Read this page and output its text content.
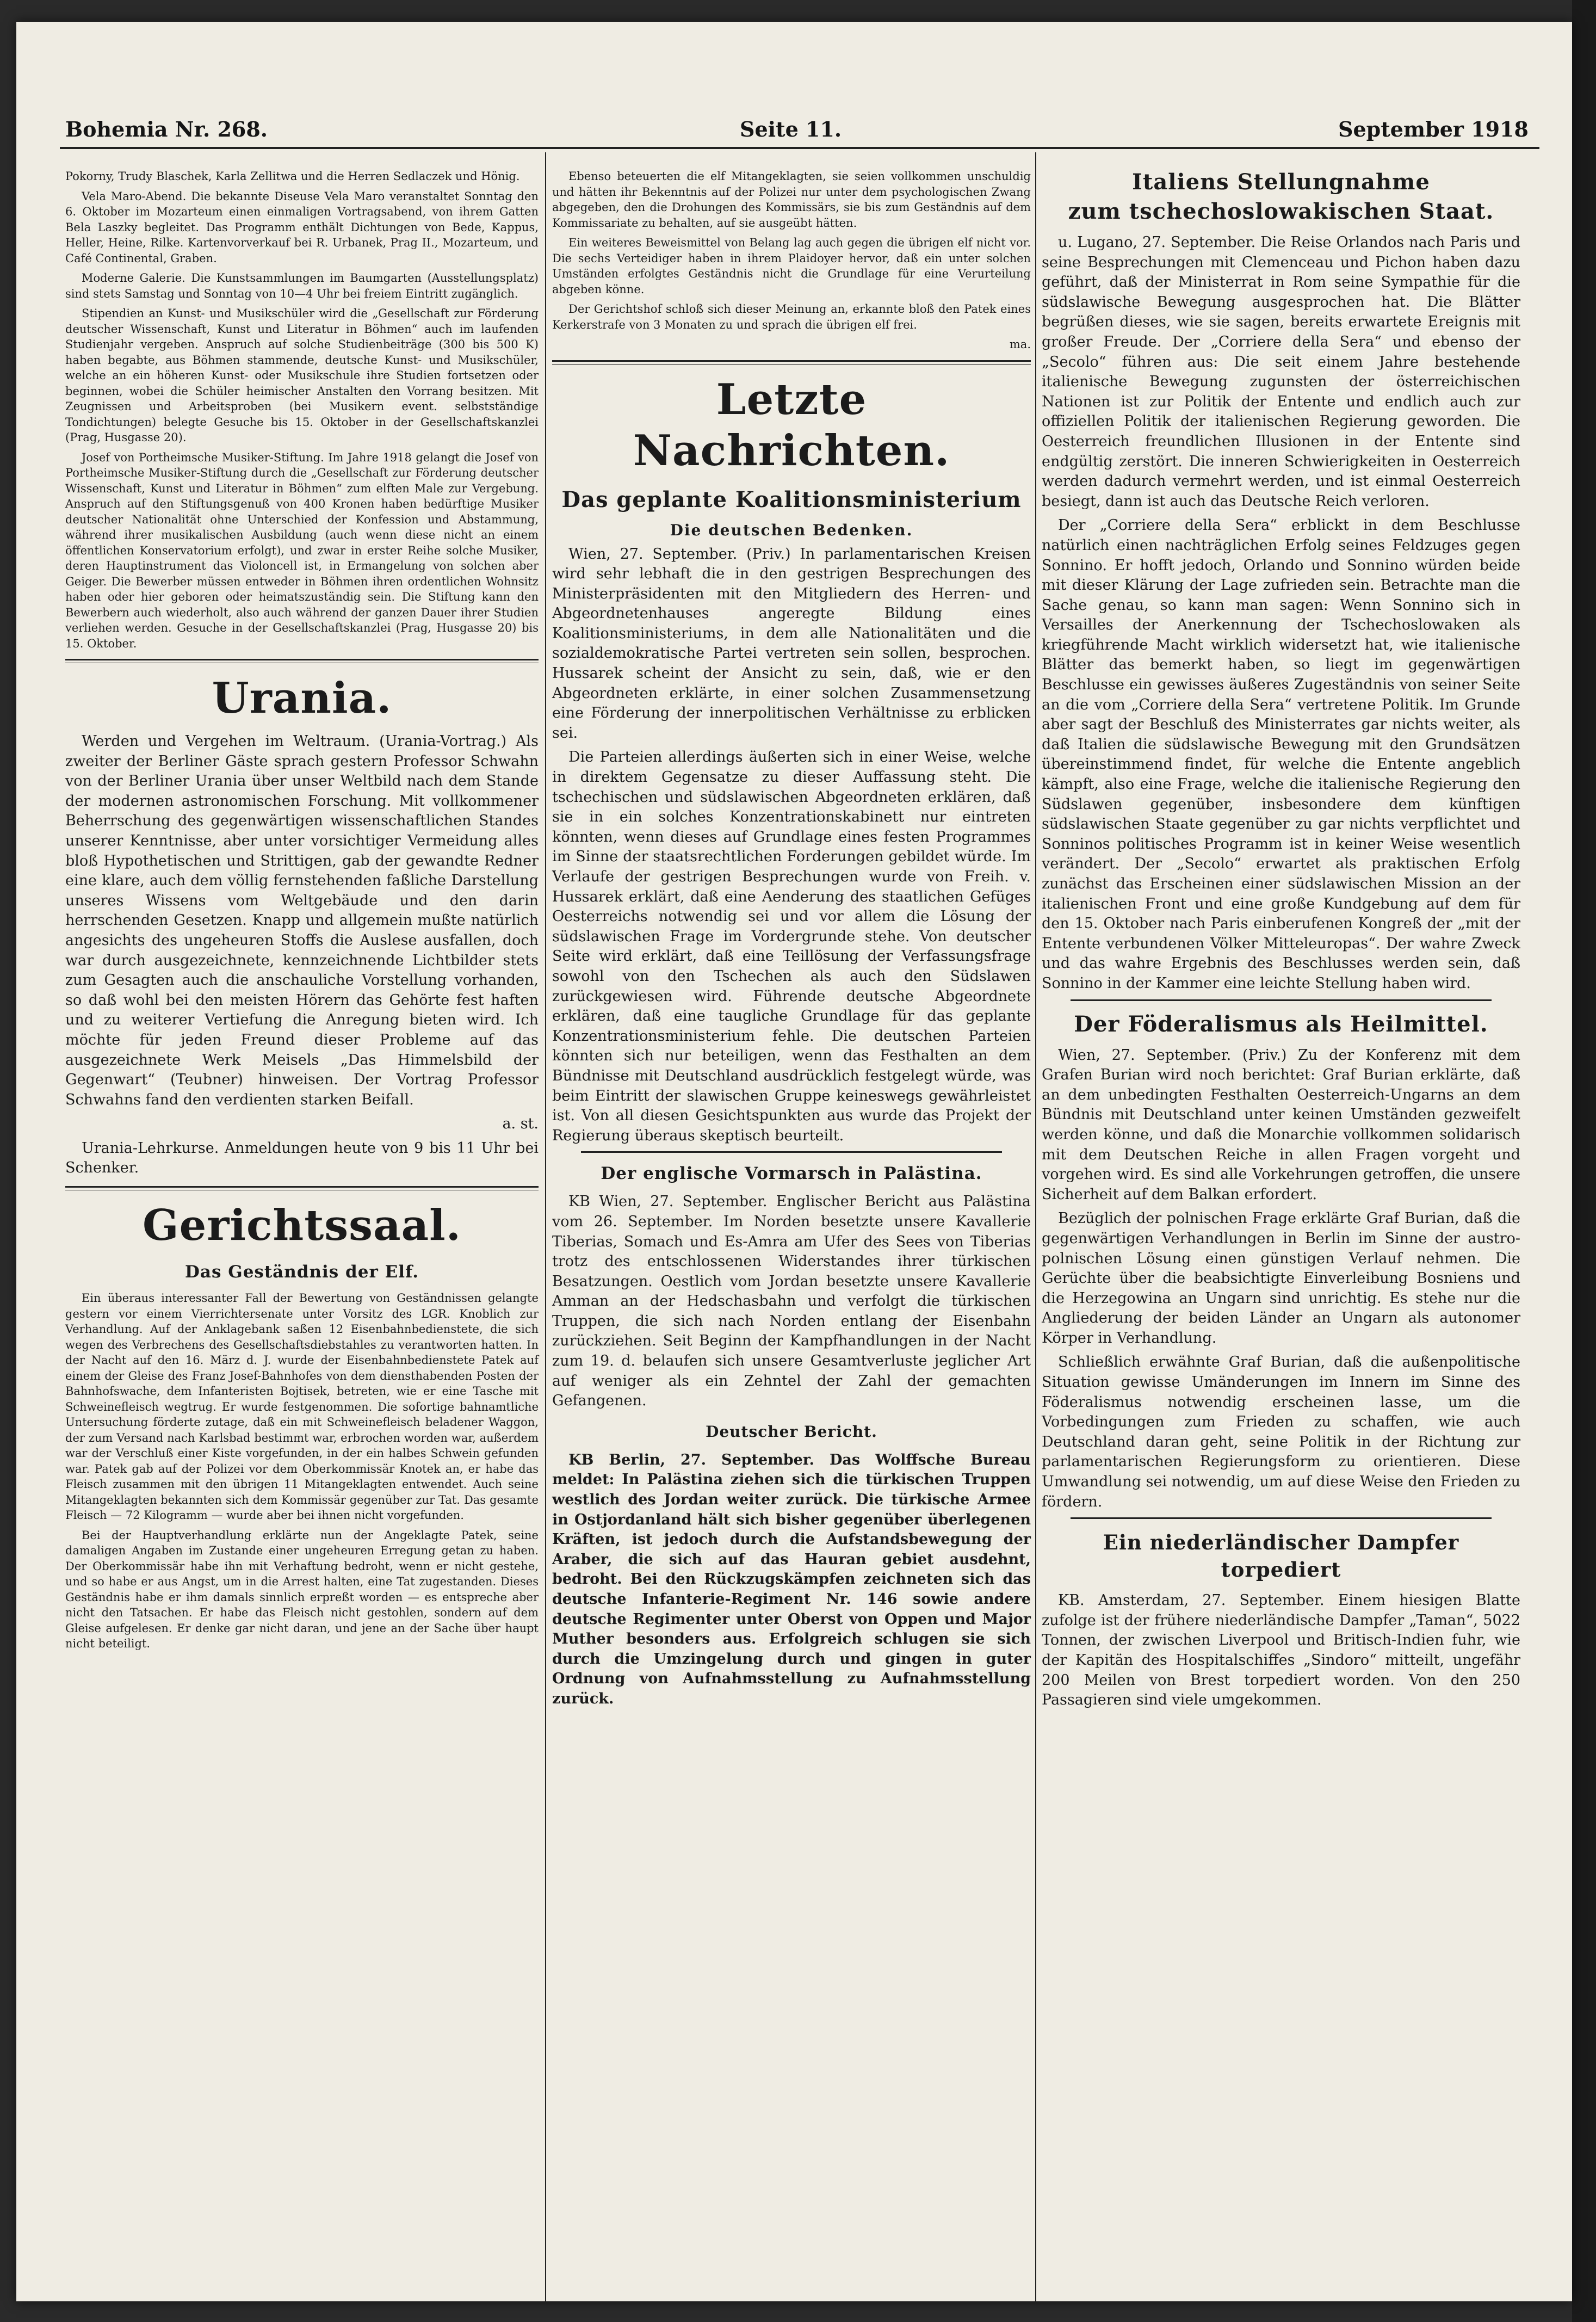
Bohemia Nr. 268.	Seite 11.	September 1918

Pokorny, Trudy Blaschek, Karla Zellitwa und die Herren Sedlaczek und Hönig.

Vela Maro-Abend. Die bekannte Diseuse Vela Maro veranstaltet Sonntag den 6. Oktober im Mozarteum einen einmaligen Vortragsabend, von ihrem Gatten Bela Laszky begleitet. Das Programm enthält Dichtungen von Bede, Kappus, Heller, Heine, Rilke. Kartenvorverkauf bei R. Urbanek, Prag II., Mozarteum, und Café Continental, Graben.

Moderne Galerie. Die Kunstsammlungen im Baumgarten (Ausstellungsplatz) sind stets Samstag und Sonntag von 10—4 Uhr bei freiem Eintritt zugänglich.

Stipendien an Kunst- und Musikschüler wird die „Gesellschaft zur Förderung deutscher Wissenschaft, Kunst und Literatur in Böhmen“ auch im laufenden Studienjahr vergeben. Anspruch auf solche Studienbeiträge (300 bis 500 K) haben begabte, aus Böhmen stammende, deutsche Kunst- und Musikschüler, welche an ein höheren Kunst- oder Musikschule ihre Studien fortsetzen oder beginnen, wobei die Schüler heimischer Anstalten den Vorrang besitzen. Mit Zeugnissen und Arbeitsproben (bei Musikern event. selbstständige Tondichtungen) belegte Gesuche bis 15. Oktober in der Gesellschaftskanzlei (Prag, Husgasse 20).

Josef von Portheimsche Musiker-Stiftung. Im Jahre 1918 gelangt die Josef von Portheimsche Musiker-Stiftung durch die „Gesellschaft zur Förderung deutscher Wissenschaft, Kunst und Literatur in Böhmen“ zum elften Male zur Vergebung. Anspruch auf den Stiftungsgenuß von 400 Kronen haben bedürftige Musiker deutscher Nationalität ohne Unterschied der Konfession und Abstammung, während ihrer musikalischen Ausbildung (auch wenn diese nicht an einem öffentlichen Konservatorium erfolgt), und zwar in erster Reihe solche Musiker, deren Hauptinstrument das Violoncell ist, in Ermangelung von solchen aber Geiger. Die Bewerber müssen entweder in Böhmen ihren ordentlichen Wohnsitz haben oder hier geboren oder heimatszuständig sein. Die Stiftung kann den Bewerbern auch wiederholt, also auch während der ganzen Dauer ihrer Studien verliehen werden. Gesuche in der Gesellschaftskanzlei (Prag, Husgasse 20) bis 15. Oktober.

Urania.

Werden und Vergehen im Weltraum. (Urania-Vortrag.) Als zweiter der Berliner Gäste sprach gestern Professor Schwahn von der Berliner Urania über unser Weltbild nach dem Stande der modernen astronomischen Forschung. Mit vollkommener Beherrschung des gegenwärtigen wissenschaftlichen Standes unserer Kenntnisse, aber unter vorsichtiger Vermeidung alles bloß Hypothetischen und Strittigen, gab der gewandte Redner eine klare, auch dem völlig fernstehenden faßliche Darstellung unseres Wissens vom Weltgebäude und den darin herrschenden Gesetzen. Knapp und allgemein mußte natürlich angesichts des ungeheuren Stoffs die Auslese ausfallen, doch war durch ausgezeichnete, kennzeichnende Lichtbilder stets zum Gesagten auch die anschauliche Vorstellung vorhanden, so daß wohl bei den meisten Hörern das Gehörte fest haften und zu weiterer Vertiefung die Anregung bieten wird. Ich möchte für jeden Freund dieser Probleme auf das ausgezeichnete Werk Meisels „Das Himmelsbild der Gegenwart“ (Teubner) hinweisen. Der Vortrag Professor Schwahns fand den verdienten starken Beifall.

a. st.

Urania-Lehrkurse. Anmeldungen heute von 9 bis 11 Uhr bei Schenker.

Gerichtssaal.
Das Geständnis der Elf.

Ein überaus interessanter Fall der Bewertung von Geständnissen gelangte gestern vor einem Vierrichtersenate unter Vorsitz des LGR. Knoblich zur Verhandlung. Auf der Anklagebank saßen 12 Eisenbahnbedienstete, die sich wegen des Verbrechens des Gesellschaftsdiebstahles zu verantworten hatten. In der Nacht auf den 16. März d. J. wurde der Eisenbahnbedienstete Patek auf einem der Gleise des Franz Josef-Bahnhofes von dem diensthabenden Posten der Bahnhofswache, dem Infanteristen Bojtisek, betreten, wie er eine Tasche mit Schweinefleisch wegtrug. Er wurde festgenommen. Die sofortige bahnamtliche Untersuchung förderte zutage, daß ein mit Schweinefleisch beladener Waggon, der zum Versand nach Karlsbad bestimmt war, erbrochen worden war, außerdem war der Verschluß einer Kiste vorgefunden, in der ein halbes Schwein gefunden war. Patek gab auf der Polizei vor dem Oberkommissär Knotek an, er habe das Fleisch zusammen mit den übrigen 11 Mitangeklagten entwendet. Auch seine Mitangeklagten bekannten sich dem Kommissär gegenüber zur Tat. Das gesamte Fleisch — 72 Kilogramm — wurde aber bei ihnen nicht vorgefunden.

Bei der Hauptverhandlung erklärte nun der Angeklagte Patek, seine damaligen Angaben im Zustande einer ungeheuren Erregung getan zu haben. Der Oberkommissär habe ihn mit Verhaftung bedroht, wenn er nicht gestehe, und so habe er aus Angst, um in die Arrest halten, eine Tat zugestanden. Dieses Geständnis habe er ihm damals sinnlich erpreßt worden — es entspreche aber nicht den Tatsachen. Er habe das Fleisch nicht gestohlen, sondern auf dem Gleise aufgelesen. Er denke gar nicht daran, und jene an der Sache über haupt nicht beteiligt.

Ebenso beteuerten die elf Mitangeklagten, sie seien vollkommen unschuldig und hätten ihr Bekenntnis auf der Polizei nur unter dem psychologischen Zwang abgegeben, den die Drohungen des Kommissärs, sie bis zum Geständnis auf dem Kommissariate zu behalten, auf sie ausgeübt hätten.

Ein weiteres Beweismittel von Belang lag auch gegen die übrigen elf nicht vor. Die sechs Verteidiger haben in ihrem Plaidoyer hervor, daß ein unter solchen Umständen erfolgtes Geständnis nicht die Grundlage für eine Verurteilung abgeben könne.

Der Gerichtshof schloß sich dieser Meinung an, erkannte bloß den Patek eines Kerkerstrafe von 3 Monaten zu und sprach die übrigen elf frei.

ma.

Letzte Nachrichten.
Das geplante Koalitionsministerium
Die deutschen Bedenken.

Wien, 27. September. (Priv.) In parlamentarischen Kreisen wird sehr lebhaft die in den gestrigen Besprechungen des Ministerpräsidenten mit den Mitgliedern des Herren- und Abgeordnetenhauses angeregte Bildung eines Koalitionsministeriums, in dem alle Nationalitäten und die sozialdemokratische Partei vertreten sein sollen, besprochen. Hussarek scheint der Ansicht zu sein, daß, wie er den Abgeordneten erklärte, in einer solchen Zusammensetzung eine Förderung der innerpolitischen Verhältnisse zu erblicken sei.

Die Parteien allerdings äußerten sich in einer Weise, welche in direktem Gegensatze zu dieser Auffassung steht. Die tschechischen und südslawischen Abgeordneten erklären, daß sie in ein solches Konzentrationskabinett nur eintreten könnten, wenn dieses auf Grundlage eines festen Programmes im Sinne der staatsrechtlichen Forderungen gebildet würde. Im Verlaufe der gestrigen Besprechungen wurde von Freih. v. Hussarek erklärt, daß eine Aenderung des staatlichen Gefüges Oesterreichs notwendig sei und vor allem die Lösung der südslawischen Frage im Vordergrunde stehe. Von deutscher Seite wird erklärt, daß eine Teillösung der Verfassungsfrage sowohl von den Tschechen als auch den Südslawen zurückgewiesen wird. Führende deutsche Abgeordnete erklären, daß eine taugliche Grundlage für das geplante Konzentrationsministerium fehle. Die deutschen Parteien könnten sich nur beteiligen, wenn das Festhalten an dem Bündnisse mit Deutschland ausdrücklich festgelegt würde, was beim Eintritt der slawischen Gruppe keineswegs gewährleistet ist. Von all diesen Gesichtspunkten aus wurde das Projekt der Regierung überaus skeptisch beurteilt.

Der englische Vormarsch in Palästina.

KB Wien, 27. September. Englischer Bericht aus Palästina vom 26. September. Im Norden besetzte unsere Kavallerie Tiberias, Somach und Es-Amra am Ufer des Sees von Tiberias trotz des entschlossenen Widerstandes ihrer türkischen Besatzungen. Oestlich vom Jordan besetzte unsere Kavallerie Amman an der Hedschasbahn und verfolgt die türkischen Truppen, die sich nach Norden entlang der Eisenbahn zurückziehen. Seit Beginn der Kampfhandlungen in der Nacht zum 19. d. belaufen sich unsere Gesamtverluste jeglicher Art auf weniger als ein Zehntel der Zahl der gemachten Gefangenen.

Deutscher Bericht.

KB Berlin, 27. September. Das Wolffsche Bureau meldet: In Palästina ziehen sich die türkischen Truppen westlich des Jordan weiter zurück. Die türkische Armee in Ostjordanland hält sich bisher gegenüber überlegenen Kräften, ist jedoch durch die Aufstandsbewegung der Araber, die sich auf das Hauran gebiet ausdehnt, bedroht. Bei den Rückzugskämpfen zeichneten sich das deutsche Infanterie-Regiment Nr. 146 sowie andere deutsche Regimenter unter Oberst von Oppen und Major Muther besonders aus. Erfolgreich schlugen sie sich durch die Umzingelung durch und gingen in guter Ordnung von Aufnahmsstellung zu Aufnahmsstellung zurück.

Italiens Stellungnahme
zum tschechoslowakischen Staat.

u. Lugano, 27. September. Die Reise Orlandos nach Paris und seine Besprechungen mit Clemenceau und Pichon haben dazu geführt, daß der Ministerrat in Rom seine Sympathie für die südslawische Bewegung ausgesprochen hat. Die Blätter begrüßen dieses, wie sie sagen, bereits erwartete Ereignis mit großer Freude. Der „Corriere della Sera“ und ebenso der „Secolo“ führen aus: Die seit einem Jahre bestehende italienische Bewegung zugunsten der österreichischen Nationen ist zur Politik der Entente und endlich auch zur offiziellen Politik der italienischen Regierung geworden. Die Oesterreich freundlichen Illusionen in der Entente sind endgültig zerstört. Die inneren Schwierigkeiten in Oesterreich werden dadurch vermehrt werden, und ist einmal Oesterreich besiegt, dann ist auch das Deutsche Reich verloren.

Der „Corriere della Sera“ erblickt in dem Beschlusse natürlich einen nachträglichen Erfolg seines Feldzuges gegen Sonnino. Er hofft jedoch, Orlando und Sonnino würden beide mit dieser Klärung der Lage zufrieden sein. Betrachte man die Sache genau, so kann man sagen: Wenn Sonnino sich in Versailles der Anerkennung der Tschechoslowaken als kriegführende Macht wirklich widersetzt hat, wie italienische Blätter das bemerkt haben, so liegt im gegenwärtigen Beschlusse ein gewisses äußeres Zugeständnis von seiner Seite an die vom „Corriere della Sera“ vertretene Politik. Im Grunde aber sagt der Beschluß des Ministerrates gar nichts weiter, als daß Italien die südslawische Bewegung mit den Grundsätzen übereinstimmend findet, für welche die Entente angeblich kämpft, also eine Frage, welche die italienische Regierung den Südslawen gegenüber, insbesondere dem künftigen südslawischen Staate gegenüber zu gar nichts verpflichtet und Sonninos politisches Programm ist in keiner Weise wesentlich verändert. Der „Secolo“ erwartet als praktischen Erfolg zunächst das Erscheinen einer südslawischen Mission an der italienischen Front und eine große Kundgebung auf dem für den 15. Oktober nach Paris einberufenen Kongreß der „mit der Entente verbundenen Völker Mitteleuropas“. Der wahre Zweck und das wahre Ergebnis des Beschlusses werden sein, daß Sonnino in der Kammer eine leichte Stellung haben wird.

Der Föderalismus als Heilmittel.

Wien, 27. September. (Priv.) Zu der Konferenz mit dem Grafen Burian wird noch berichtet: Graf Burian erklärte, daß an dem unbedingten Festhalten Oesterreich-Ungarns an dem Bündnis mit Deutschland unter keinen Umständen gezweifelt werden könne, und daß die Monarchie vollkommen solidarisch mit dem Deutschen Reiche in allen Fragen vorgeht und vorgehen wird. Es sind alle Vorkehrungen getroffen, die unsere Sicherheit auf dem Balkan erfordert.

Bezüglich der polnischen Frage erklärte Graf Burian, daß die gegenwärtigen Verhandlungen in Berlin im Sinne der austro-polnischen Lösung einen günstigen Verlauf nehmen. Die Gerüchte über die beabsichtigte Einverleibung Bosniens und die Herzegowina an Ungarn sind unrichtig. Es stehe nur die Angliederung der beiden Länder an Ungarn als autonomer Körper in Verhandlung.

Schließlich erwähnte Graf Burian, daß die außenpolitische Situation gewisse Umänderungen im Innern im Sinne des Föderalismus notwendig erscheinen lasse, um die Vorbedingungen zum Frieden zu schaffen, wie auch Deutschland daran geht, seine Politik in der Richtung zur parlamentarischen Regierungsform zu orientieren. Diese Umwandlung sei notwendig, um auf diese Weise den Frieden zu fördern.

Ein niederländischer Dampfer torpediert

KB. Amsterdam, 27. September. Einem hiesigen Blatte zufolge ist der frühere niederländische Dampfer „Taman“, 5022 Tonnen, der zwischen Liverpool und Britisch-Indien fuhr, wie der Kapitän des Hospitalschiffes „Sindoro“ mitteilt, ungefähr 200 Meilen von Brest torpediert worden. Von den 250 Passagieren sind viele umgekommen.
